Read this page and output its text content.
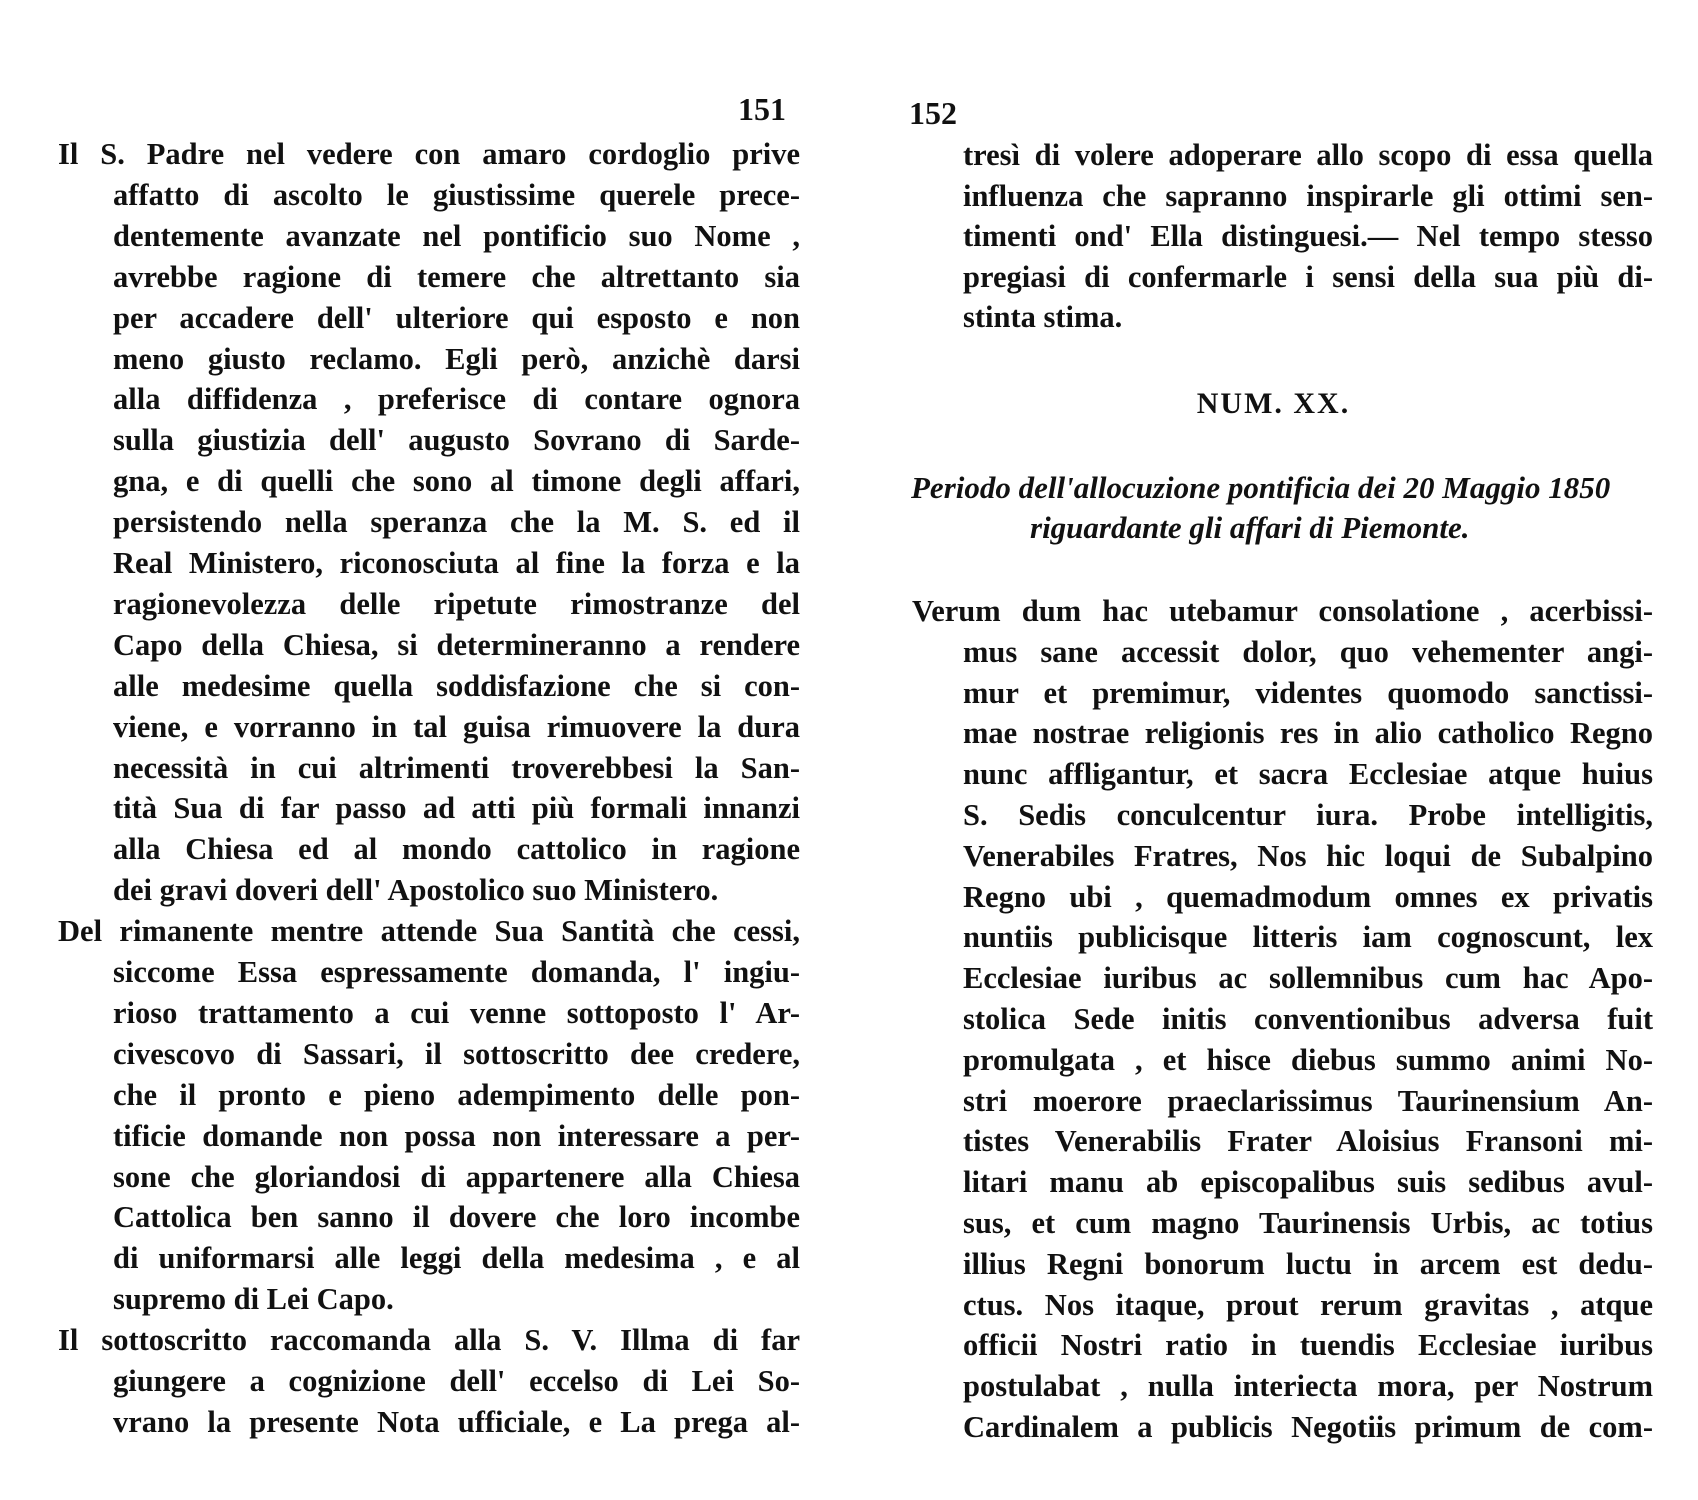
151
Il S. Padre nel vedere con amaro cordoglio prive
affatto di ascolto le giustissime querele prece-
dentemente avanzate nel pontificio suo Nome ,
avrebbe ragione di temere che altrettanto sia
per accadere dell' ulteriore qui esposto e non
meno giusto reclamo. Egli però, anzichè darsi
alla diffidenza , preferisce di contare ognora
sulla giustizia dell' augusto Sovrano di Sarde-
gna, e di quelli che sono al timone degli affari,
persistendo nella speranza che la M. S. ed il
Real Ministero, riconosciuta al fine la forza e la
ragionevolezza delle ripetute rimostranze del
Capo della Chiesa, si determineranno a rendere
alle medesime quella soddisfazione che si con-
viene, e vorranno in tal guisa rimuovere la dura
necessità in cui altrimenti troverebbesi la San-
tità Sua di far passo ad atti più formali innanzi
alla Chiesa ed al mondo cattolico in ragione
dei gravi doveri dell' Apostolico suo Ministero.
Del rimanente mentre attende Sua Santità che cessi,
siccome Essa espressamente domanda, l' ingiu-
rioso trattamento a cui venne sottoposto l' Ar-
civescovo di Sassari, il sottoscritto dee credere,
che il pronto e pieno adempimento delle pon-
tificie domande non possa non interessare a per-
sone che gloriandosi di appartenere alla Chiesa
Cattolica ben sanno il dovere che loro incombe
di uniformarsi alle leggi della medesima , e al
supremo di Lei Capo.
Il sottoscritto raccomanda alla S. V. Illma di far
giungere a cognizione dell' eccelso di Lei So-
vrano la presente Nota ufficiale, e La prega al-
152
tresì di volere adoperare allo scopo di essa quella
influenza che sapranno inspirarle gli ottimi sen-
timenti ond' Ella distinguesi.— Nel tempo stesso
pregiasi di confermarle i sensi della sua più di-
stinta stima.
NUM. XX.
Periodo dell'allocuzione pontificia dei 20 Maggio 1850
riguardante gli affari di Piemonte.
Verum dum hac utebamur consolatione , acerbissi-
mus sane accessit dolor, quo vehementer angi-
mur et premimur, videntes quomodo sanctissi-
mae nostrae religionis res in alio catholico Regno
nunc affligantur, et sacra Ecclesiae atque huius
S. Sedis conculcentur iura. Probe intelligitis,
Venerabiles Fratres, Nos hic loqui de Subalpino
Regno ubi , quemadmodum omnes ex privatis
nuntiis publicisque litteris iam cognoscunt, lex
Ecclesiae iuribus ac sollemnibus cum hac Apo-
stolica Sede initis conventionibus adversa fuit
promulgata , et hisce diebus summo animi No-
stri moerore praeclarissimus Taurinensium An-
tistes Venerabilis Frater Aloisius Fransoni mi-
litari manu ab episcopalibus suis sedibus avul-
sus, et cum magno Taurinensis Urbis, ac totius
illius Regni bonorum luctu in arcem est dedu-
ctus. Nos itaque, prout rerum gravitas , atque
officii Nostri ratio in tuendis Ecclesiae iuribus
postulabat , nulla interiecta mora, per Nostrum
Cardinalem a publicis Negotiis primum de com-
